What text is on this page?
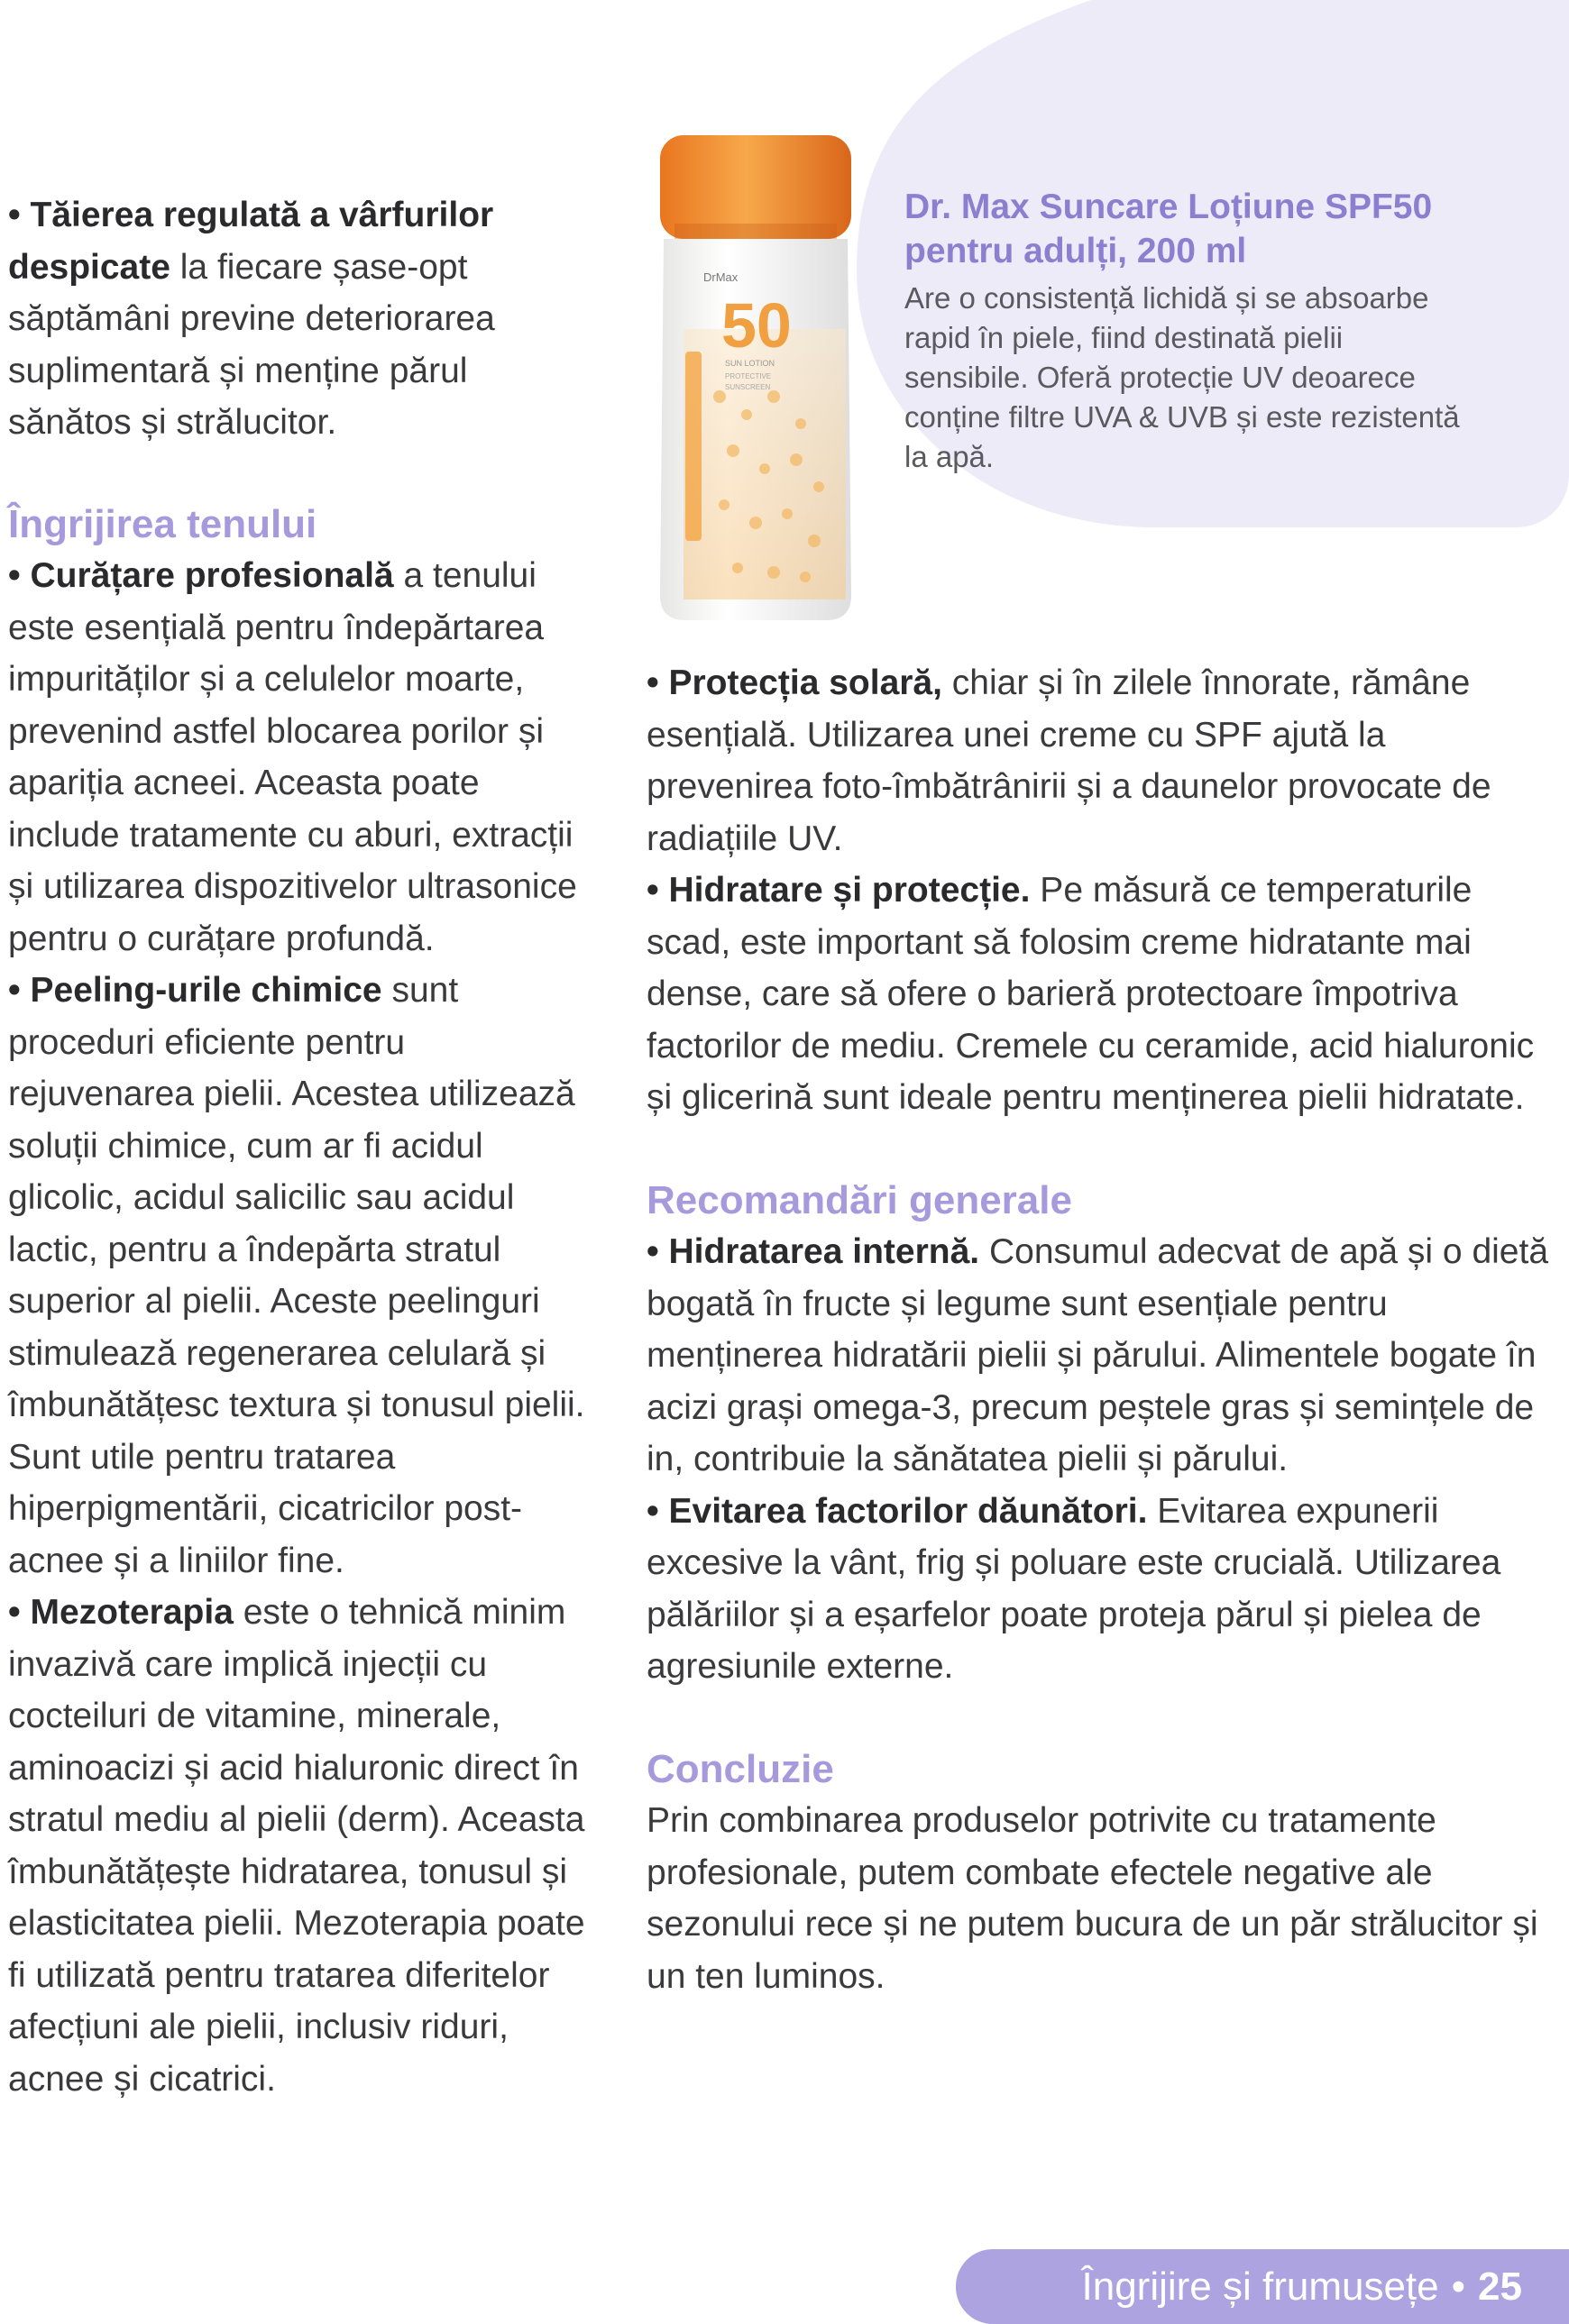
DrMax
50
SUN LOTION
PROTECTIVE
SUNSCREEN

Dr. Max Suncare Loțiune SPF50 pentru adulți, 200 ml

Are o consistență lichidă și se absoarbe rapid în piele, fiind destinată pielii sensibile. Oferă protecție UV deoarece conține filtre UVA & UVB și este rezistentă la apă.

• Tăierea regulată a vârfurilor despicate la fiecare șase-opt săptămâni previne deteriorarea suplimentară și menține părul sănătos și strălucitor.

Îngrijirea tenului

• Curățare profesională a tenului este esențială pentru îndepărtarea impurităților și a celulelor moarte, prevenind astfel blocarea porilor și apariția acneei. Aceasta poate include tratamente cu aburi, extracții și utilizarea dispozitivelor ultrasonice pentru o curățare profundă.

• Peeling-urile chimice sunt proceduri eficiente pentru rejuvenarea pielii. Acestea utilizează soluții chimice, cum ar fi acidul glicolic, acidul salicilic sau acidul lactic, pentru a îndepărta stratul superior al pielii. Aceste peelinguri stimulează regenerarea celulară și îmbunătățesc textura și tonusul pielii. Sunt utile pentru tratarea hiperpigmentării, cicatricilor post-acnee și a liniilor fine.

• Mezoterapia este o tehnică minim invazivă care implică injecții cu cocteiluri de vitamine, minerale, aminoacizi și acid hialuronic direct în stratul mediu al pielii (derm). Aceasta îmbunătățește hidratarea, tonusul și elasticitatea pielii. Mezoterapia poate fi utilizată pentru tratarea diferitelor afecțiuni ale pielii, inclusiv riduri, acnee și cicatrici.

• Protecția solară, chiar și în zilele înnorate, rămâne esențială. Utilizarea unei creme cu SPF ajută la prevenirea foto-îmbătrânirii și a daunelor provocate de radiațiile UV.

• Hidratare și protecție. Pe măsură ce temperaturile scad, este important să folosim creme hidratante mai dense, care să ofere o barieră protectoare împotriva factorilor de mediu. Cremele cu ceramide, acid hialuronic și glicerină sunt ideale pentru menținerea pielii hidratate.

Recomandări generale

• Hidratarea internă. Consumul adecvat de apă și o dietă bogată în fructe și legume sunt esențiale pentru menținerea hidratării pielii și părului. Alimentele bogate în acizi grași omega-3, precum peștele gras și semințele de in, contribuie la sănătatea pielii și părului.

• Evitarea factorilor dăunători. Evitarea expunerii excesive la vânt, frig și poluare este crucială. Utilizarea pălăriilor și a eșarfelor poate proteja părul și pielea de agresiunile externe.

Concluzie

Prin combinarea produselor potrivite cu tratamente profesionale, putem combate efectele negative ale sezonului rece și ne putem bucura de un păr strălucitor și un ten luminos.

Îngrijire și frumusețe • 25
